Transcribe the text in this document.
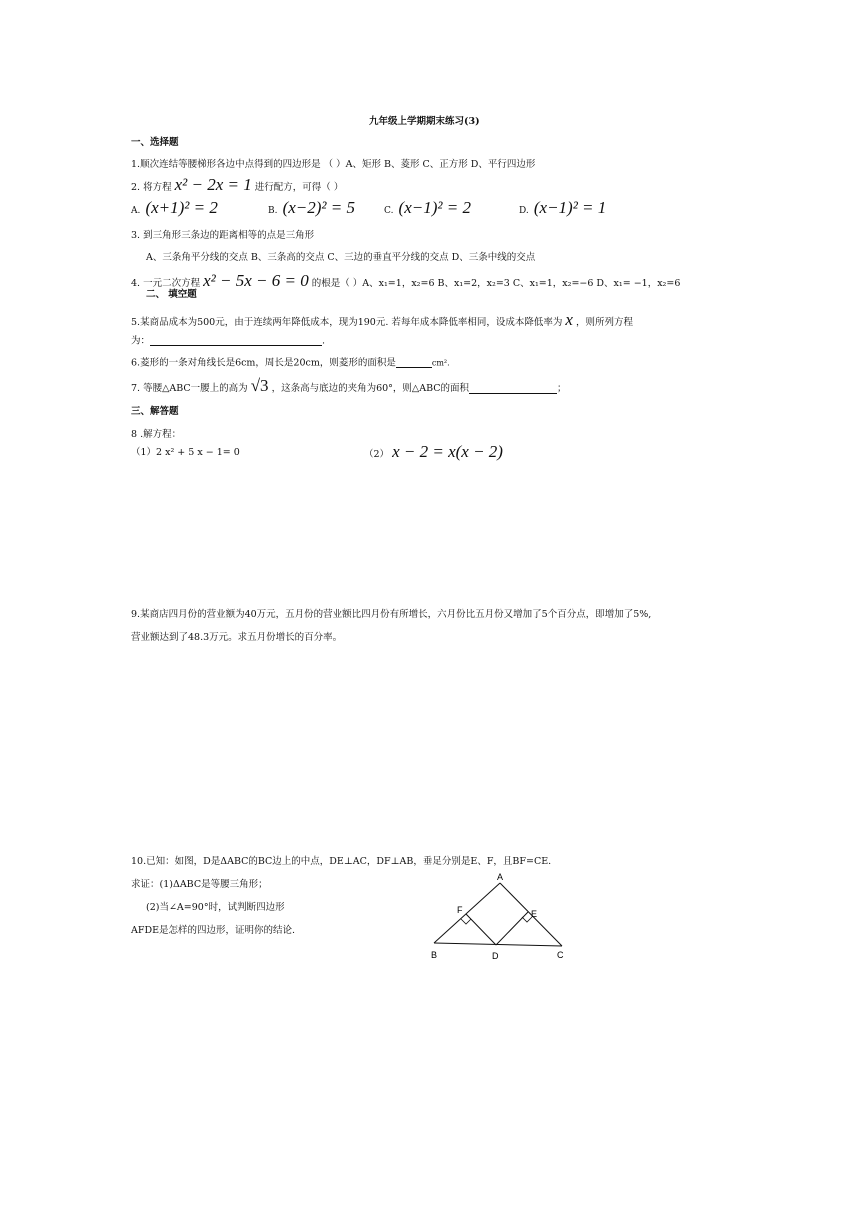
九年级上学期期末练习(3)
一、选择题
1.顺次连结等腰梯形各边中点得到的四边形是 （ ）A、矩形 B、菱形 C、正方形 D、平行四边形
2. 将方程 x² − 2x = 1 进行配方，可得（ ）
A. (x+1)² = 2	B. (x−2)² = 5	C. (x−1)² = 2	D. (x−1)² = 1
3. 到三角形三条边的距离相等的点是三角形
A、三条角平分线的交点 B、三条高的交点 C、三边的垂直平分线的交点 D、三条中线的交点
4. 一元二次方程 x² − 5x − 6 = 0 的根是（ ）A、x₁=1，x₂=6 B、x₁=2，x₂=3 C、x₁=1，x₂=−6 D、x₁= −1，x₂=6
二、 填空题
5.某商品成本为500元，由于连续两年降低成本，现为190元. 若每年成本降低率相同，设成本降低率为 x ，则所列方程
为：	.
6.菱形的一条对角线长是6cm，周长是20cm，则菱形的面积是	cm².
7. 等腰△ABC一腰上的高为 √3 ，这条高与底边的夹角为60°，则△ABC的面积	；
三、解答题
8 .解方程：
（1）2 x² + 5 x − 1= 0	（2） x − 2 = x(x − 2)
9.某商店四月份的营业额为40万元，五月份的营业额比四月份有所增长，六月份比五月份又增加了5个百分点，即增加了5%,
营业额达到了48.3万元。求五月份增长的百分率。
10.已知：如图，D是ΔABC的BC边上的中点，DE⊥AC，DF⊥AB，垂足分别是E、F，且BF=CE.
求证：(1)ΔABC是等腰三角形；
(2)当∠A=90°时，试判断四边形
AFDE是怎样的四边形，证明你的结论.
A
B	C
D
E
F
